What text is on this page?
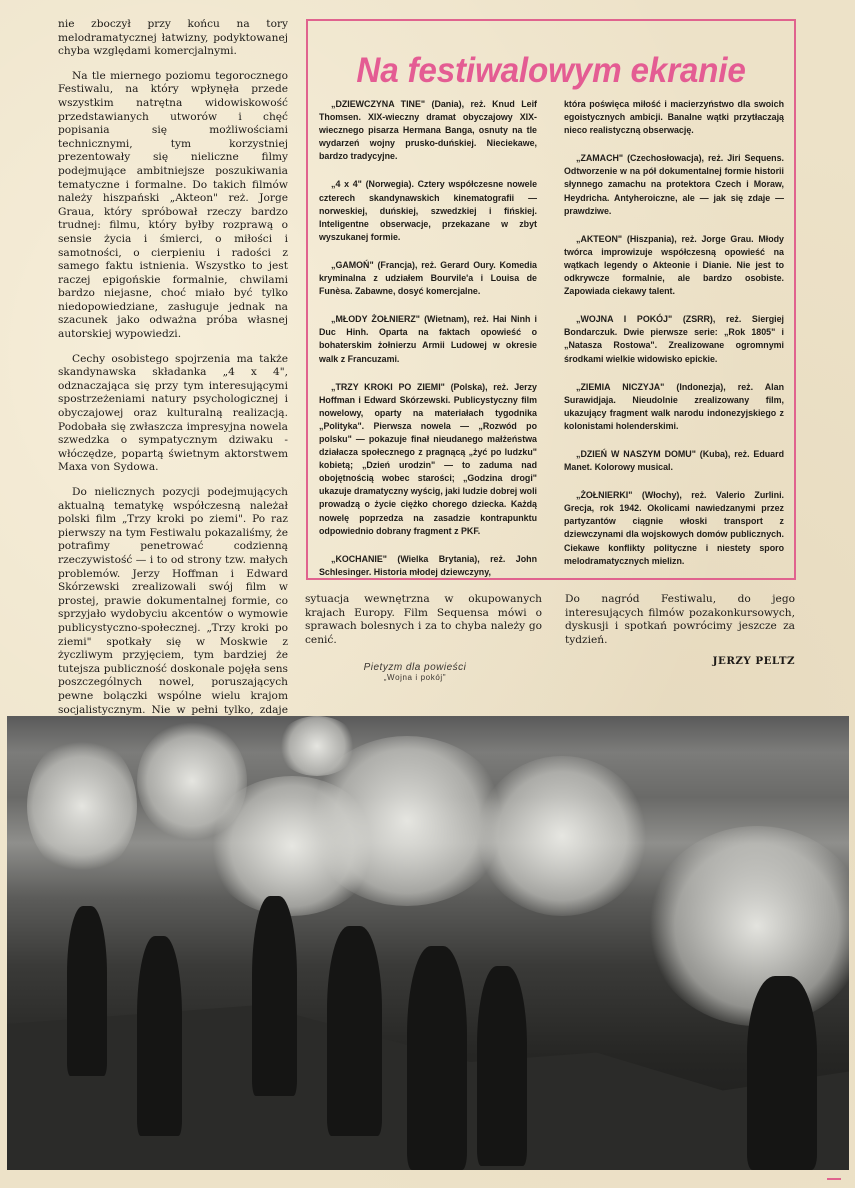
nie zboczył przy końcu na tory melodramatycznej łatwizny, podyktowanej chyba względami komercjalnymi.

Na tle miernego poziomu tegorocznego Festiwalu, na który wpłynęła przede wszystkim natrętna widowiskowość przedstawianych utworów i chęć popisania się możliwościami technicznymi, tym korzystniej prezentowały się nieliczne filmy podejmujące ambitniejsze poszukiwania tematyczne i formalne. Do takich filmów należy hiszpański „Akteon" reż. Jorge Graua, który spróbował rzeczy bardzo trudnej: filmu, który byłby rozprawą o sensie życia i śmierci, o miłości i samotności, o cierpieniu i radości z samego faktu istnienia. Wszystko to jest raczej epigońskie formalnie, chwilami bardzo niejasne, choć miało być tylko niedopowiedziane, zasługuje jednak na szacunek jako odważna próba własnej autorskiej wypowiedzi.

Cechy osobistego spojrzenia ma także skandynawska składanka „4 x 4", odznaczająca się przy tym interesującymi spostrzeżeniami natury psychologicznej i obyczajowej oraz kulturalną realizacją. Podobała się zwłaszcza impresyjna nowela szwedzka o sympatycznym dziwaku - włóczędze, popartą świetnym aktorstwem Maxa von Sydowa.

Do nielicznych pozycji podejmujących aktualną tematykę współczesną należał polski film „Trzy kroki po ziemi". Po raz pierwszy na tym Festiwalu pokazaliśmy, że potrafimy penetrować codzienną rzeczywistość — i to od strony tzw. małych problemów. Jerzy Hoffman i Edward Skórzewski zrealizowali swój film w prostej, prawie dokumentalnej formie, co sprzyjało wydobyciu akcentów o wymowie publicystyczno-społecznej. „Trzy kroki po ziemi" spotkały się w Moskwie z życzliwym przyjęciem, tym bardziej że tutejsza publiczność doskonale pojęła sens poszczególnych nowel, poruszających pewne bolączki wspólne wielu krajom socjalistycznym. Nie w pełni tylko, zdaje

Na festiwalowym ekranie

„DZIEWCZYNA TINE" (Dania), reż. Knud Leif Thomsen. XIX-wieczny dramat obyczajowy XIX-wiecznego pisarza Hermana Banga, osnuty na tle wydarzeń wojny prusko-duńskiej. Nieciekawe, bardzo tradycyjne.

„4 x 4" (Norwegia). Cztery współczesne nowele czterech skandynawskich kinematografii — norweskiej, duńskiej, szwedzkiej i fińskiej. Inteligentne obserwacje, przekazane w zbyt wyszukanej formie.

„GAMOŃ" (Francja), reż. Gerard Oury. Komedia kryminalna z udziałem Bourvile'a i Louisa de Funèsa. Zabawne, dosyć komercjalne.

„MŁODY ŻOŁNIERZ" (Wietnam), reż. Hai Ninh i Duc Hinh. Oparta na faktach opowieść o bohaterskim żołnierzu Armii Ludowej w okresie walk z Francuzami.

„TRZY KROKI PO ZIEMI" (Polska), reż. Jerzy Hoffman i Edward Skórzewski. Publicystyczny film nowelowy, oparty na materiałach tygodnika „Polityka". Pierwsza nowela — „Rozwód po polsku" — pokazuje finał nieudanego małżeństwa działacza społecznego z pragnącą „żyć po ludzku" kobietą; „Dzień urodzin" — to zaduma nad obojętnością wobec starości; „Godzina drogi" ukazuje dramatyczny wyścig, jaki ludzie dobrej woli prowadzą o życie ciężko chorego dziecka. Każdą nowelę poprzedza na zasadzie kontrapunktu odpowiednio dobrany fragment z PKF.

„KOCHANIE" (Wielka Brytania), reż. John Schlesinger. Historia młodej dziewczyny,

która poświęca miłość i macierzyństwo dla swoich egoistycznych ambicji. Banalne wątki przytłaczają nieco realistyczną obserwację.

„ZAMACH" (Czechosłowacja), reż. Jiri Sequens. Odtworzenie w na pół dokumentalnej formie historii słynnego zamachu na protektora Czech i Moraw, Heydricha. Antyheroiczne, ale — jak się zdaje — prawdziwe.

„AKTEON" (Hiszpania), reż. Jorge Grau. Młody twórca improwizuje współczesną opowieść na wątkach legendy o Akteonie i Dianie. Nie jest to odkrywcze formalnie, ale bardzo osobiste. Zapowiada ciekawy talent.

„WOJNA I POKÓJ" (ZSRR), reż. Siergiej Bondarczuk. Dwie pierwsze serie: „Rok 1805" i „Natasza Rostowa". Zrealizowane ogromnymi środkami wielkie widowisko epickie.

„ZIEMIA NICZYJA" (Indonezja), reż. Alan Surawidjaja. Nieudolnie zrealizowany film, ukazujący fragment walk narodu indonezyjskiego z kolonistami holenderskimi.

„DZIEŃ W NASZYM DOMU" (Kuba), reż. Eduard Manet. Kolorowy musical.

„ŻOŁNIERKI" (Włochy), reż. Valerio Zurlini. Grecja, rok 1942. Okolicami nawiedzanymi przez partyzantów ciągnie włoski transport z dziewczynami dla wojskowych domów publicznych. Ciekawe konflikty polityczne i niestety sporo melodramatycznych mielizn.

sytuacja wewnętrzna w okupowanych krajach Europy. Film Sequensa mówi o sprawach bolesnych i za to chyba należy go cenić.

Do nagród Festiwalu, do jego interesujących filmów pozakonkursowych, dyskusji i spotkań powrócimy jeszcze za tydzień.

JERZY PELTZ
Pietyzm dla powieści
„Wojna i pokój"
